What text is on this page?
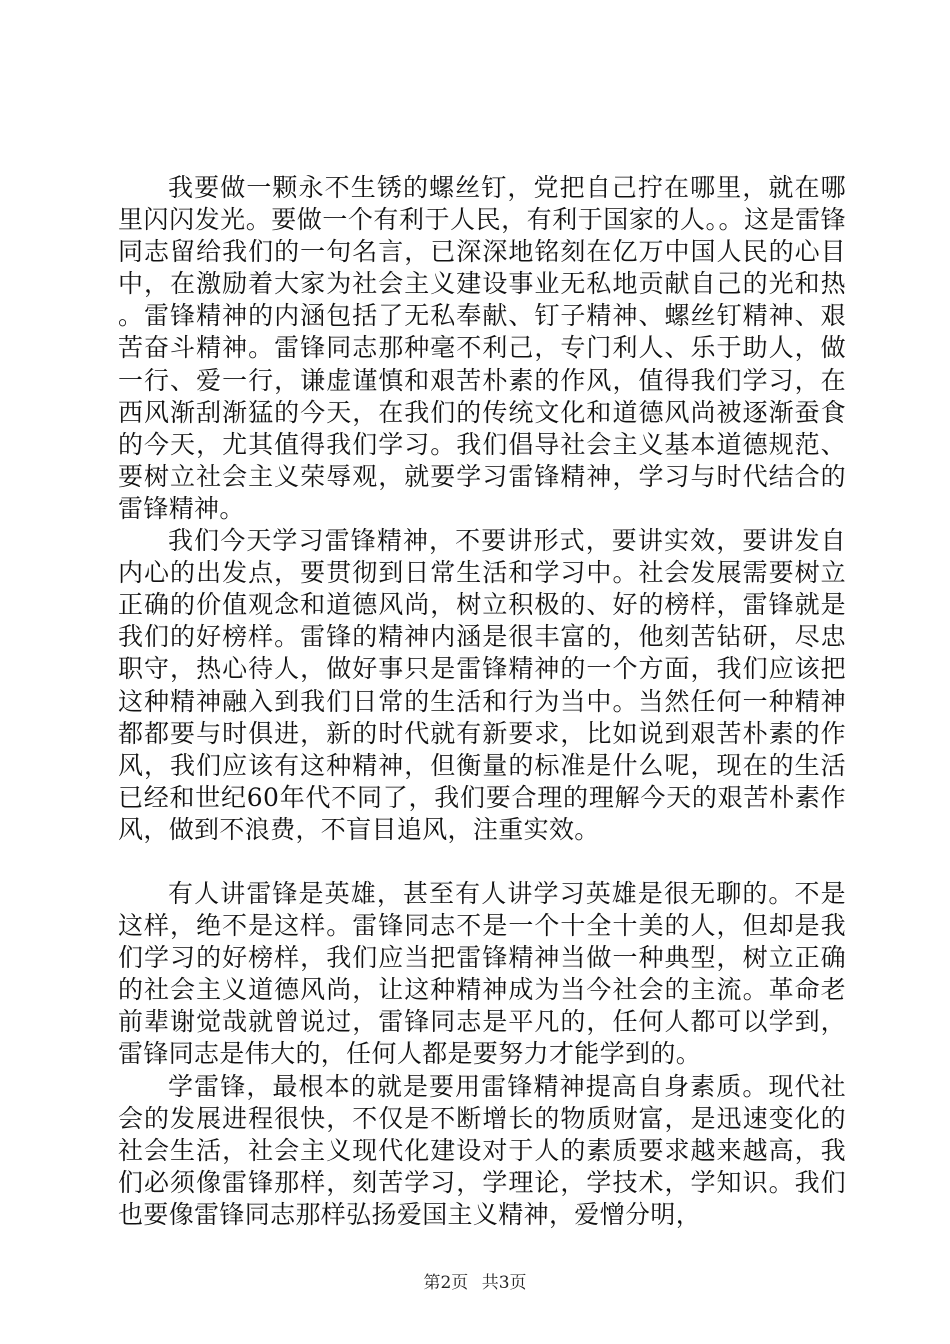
我要做一颗永不生锈的螺丝钉，党把自己拧在哪里，就在哪里闪闪发光。要做一个有利于人民，有利于国家的人。。这是雷锋同志留给我们的一句名言，已深深地铭刻在亿万中国人民的心目中，在激励着大家为社会主义建设事业无私地贡献自己的光和热。雷锋精神的内涵包括了无私奉献、钉子精神、螺丝钉精神、艰苦奋斗精神。雷锋同志那种毫不利己，专门利人、乐于助人，做一行、爱一行，谦虚谨慎和艰苦朴素的作风，值得我们学习，在西风渐刮渐猛的今天，在我们的传统文化和道德风尚被逐渐蚕食的今天，尤其值得我们学习。我们倡导社会主义基本道德规范、要树立社会主义荣辱观，就要学习雷锋精神，学习与时代结合的雷锋精神。

我们今天学习雷锋精神，不要讲形式，要讲实效，要讲发自内心的出发点，要贯彻到日常生活和学习中。社会发展需要树立正确的价值观念和道德风尚，树立积极的、好的榜样，雷锋就是我们的好榜样。雷锋的精神内涵是很丰富的，他刻苦钻研，尽忠职守，热心待人，做好事只是雷锋精神的一个方面，我们应该把这种精神融入到我们日常的生活和行为当中。当然任何一种精神都都要与时俱进，新的时代就有新要求，比如说到艰苦朴素的作风，我们应该有这种精神，但衡量的标准是什么呢，现在的生活已经和世纪60年代不同了，我们要合理的理解今天的艰苦朴素作风，做到不浪费，不盲目追风，注重实效。

有人讲雷锋是英雄，甚至有人讲学习英雄是很无聊的。不是这样，绝不是这样。雷锋同志不是一个十全十美的人，但却是我们学习的好榜样，我们应当把雷锋精神当做一种典型，树立正确的社会主义道德风尚，让这种精神成为当今社会的主流。革命老前辈谢觉哉就曾说过，雷锋同志是平凡的，任何人都可以学到，雷锋同志是伟大的，任何人都是要努力才能学到的。

学雷锋，最根本的就是要用雷锋精神提高自身素质。现代社会的发展进程很快，不仅是不断增长的物质财富，是迅速变化的社会生活，社会主义现代化建设对于人的素质要求越来越高，我们必须像雷锋那样，刻苦学习，学理论，学技术，学知识。我们也要像雷锋同志那样弘扬爱国主义精神，爱憎分明，

第2页 共3页
